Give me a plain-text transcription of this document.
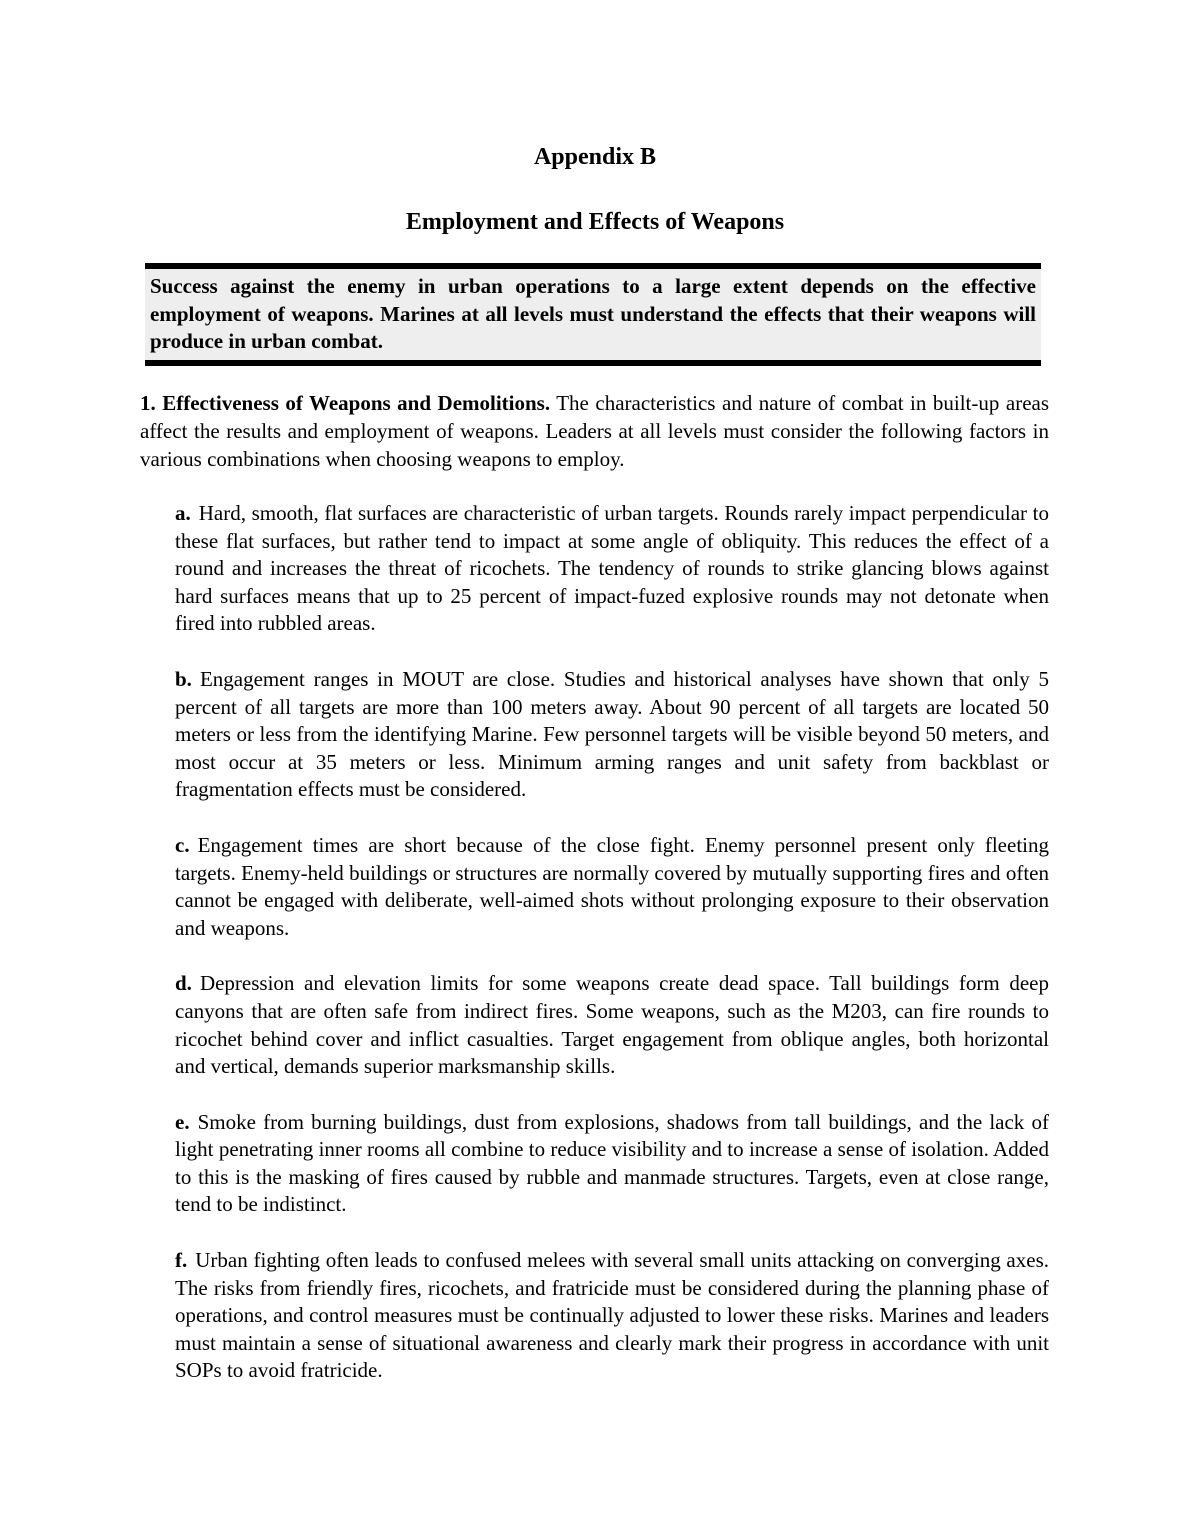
Appendix B
Employment and Effects of Weapons
Success against the enemy in urban operations to a large extent depends on the effective employment of weapons. Marines at all levels must understand the effects that their weapons will produce in urban combat.

1. Effectiveness of Weapons and Demolitions. The characteristics and nature of combat in built-up areas affect the results and employment of weapons. Leaders at all levels must consider the following factors in various combinations when choosing weapons to employ.

a. Hard, smooth, flat surfaces are characteristic of urban targets. Rounds rarely impact perpendicular to these flat surfaces, but rather tend to impact at some angle of obliquity. This reduces the effect of a round and increases the threat of ricochets. The tendency of rounds to strike glancing blows against hard surfaces means that up to 25 percent of impact-fuzed explosive rounds may not detonate when fired into rubbled areas.
b. Engagement ranges in MOUT are close. Studies and historical analyses have shown that only 5 percent of all targets are more than 100 meters away. About 90 percent of all targets are located 50 meters or less from the identifying Marine. Few personnel targets will be visible beyond 50 meters, and most occur at 35 meters or less. Minimum arming ranges and unit safety from backblast or fragmentation effects must be considered.
c. Engagement times are short because of the close fight. Enemy personnel present only fleeting targets. Enemy-held buildings or structures are normally covered by mutually supporting fires and often cannot be engaged with deliberate, well-aimed shots without prolonging exposure to their observation and weapons.
d. Depression and elevation limits for some weapons create dead space. Tall buildings form deep canyons that are often safe from indirect fires. Some weapons, such as the M203, can fire rounds to ricochet behind cover and inflict casualties. Target engagement from oblique angles, both horizontal and vertical, demands superior marksmanship skills.
e. Smoke from burning buildings, dust from explosions, shadows from tall buildings, and the lack of light penetrating inner rooms all combine to reduce visibility and to increase a sense of isolation. Added to this is the masking of fires caused by rubble and manmade structures. Targets, even at close range, tend to be indistinct.
f. Urban fighting often leads to confused melees with several small units attacking on converging axes. The risks from friendly fires, ricochets, and fratricide must be considered during the planning phase of operations, and control measures must be continually adjusted to lower these risks. Marines and leaders must maintain a sense of situational awareness and clearly mark their progress in accordance with unit SOPs to avoid fratricide.
